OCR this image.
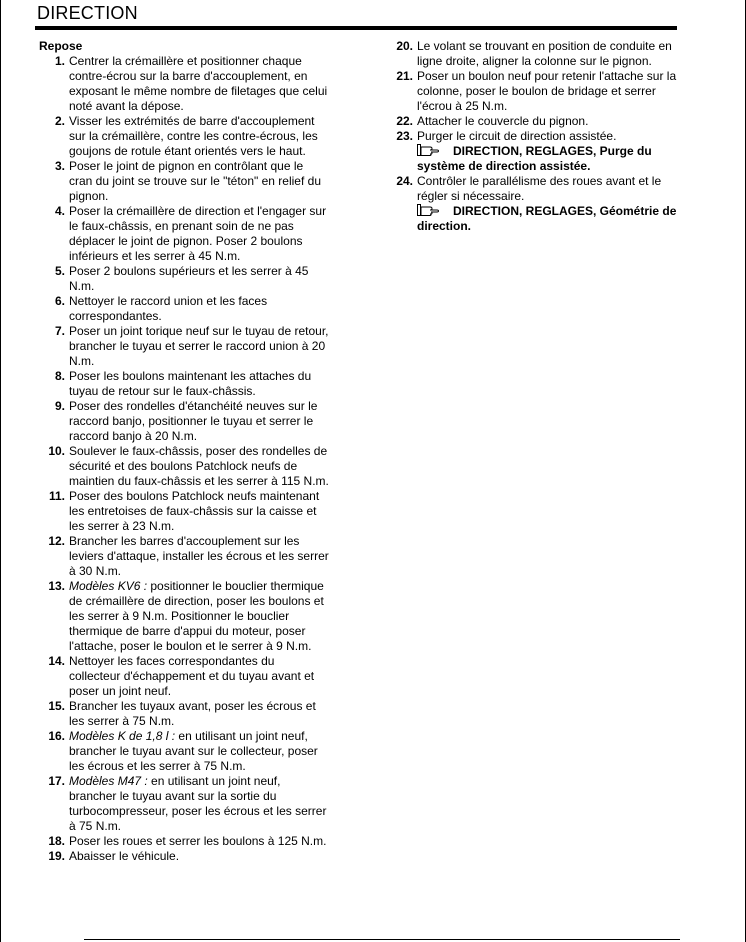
DIRECTION
Repose
1. Centrer la crémaillère et positionner chaque contre-écrou sur la barre d'accouplement, en exposant le même nombre de filetages que celui noté avant la dépose.
2. Visser les extrémités de barre d'accouplement sur la crémaillère, contre les contre-écrous, les goujons de rotule étant orientés vers le haut.
3. Poser le joint de pignon en contrôlant que le cran du joint se trouve sur le "téton" en relief du pignon.
4. Poser la crémaillère de direction et l'engager sur le faux-châssis, en prenant soin de ne pas déplacer le joint de pignon. Poser 2 boulons inférieurs et les serrer à 45 N.m.
5. Poser 2 boulons supérieurs et les serrer à 45 N.m.
6. Nettoyer le raccord union et les faces correspondantes.
7. Poser un joint torique neuf sur le tuyau de retour, brancher le tuyau et serrer le raccord union à 20 N.m.
8. Poser les boulons maintenant les attaches du tuyau de retour sur le faux-châssis.
9. Poser des rondelles d'étanchéité neuves sur le raccord banjo, positionner le tuyau et serrer le raccord banjo à 20 N.m.
10. Soulever le faux-châssis, poser des rondelles de sécurité et des boulons Patchlock neufs de maintien du faux-châssis et les serrer à 115 N.m.
11. Poser des boulons Patchlock neufs maintenant les entretoises de faux-châssis sur la caisse et les serrer à 23 N.m.
12. Brancher les barres d'accouplement sur les leviers d'attaque, installer les écrous et les serrer à 30 N.m.
13. Modèles KV6 : positionner le bouclier thermique de crémaillère de direction, poser les boulons et les serrer à 9 N.m. Positionner le bouclier thermique de barre d'appui du moteur, poser l'attache, poser le boulon et le serrer à 9 N.m.
14. Nettoyer les faces correspondantes du collecteur d'échappement et du tuyau avant et poser un joint neuf.
15. Brancher les tuyaux avant, poser les écrous et les serrer à 75 N.m.
16. Modèles K de 1,8 l : en utilisant un joint neuf, brancher le tuyau avant sur le collecteur, poser les écrous et les serrer à 75 N.m.
17. Modèles M47 : en utilisant un joint neuf, brancher le tuyau avant sur la sortie du turbocompresseur, poser les écrous et les serrer à 75 N.m.
18. Poser les roues et serrer les boulons à 125 N.m.
19. Abaisser le véhicule.
20. Le volant se trouvant en position de conduite en ligne droite, aligner la colonne sur le pignon.
21. Poser un boulon neuf pour retenir l'attache sur la colonne, poser le boulon de bridage et serrer l'écrou à 25 N.m.
22. Attacher le couvercle du pignon.
23. Purger le circuit de direction assistée.
DIRECTION, REGLAGES, Purge du système de direction assistée.
24. Contrôler le parallélisme des roues avant et le régler si nécessaire.
DIRECTION, REGLAGES, Géométrie de direction.
